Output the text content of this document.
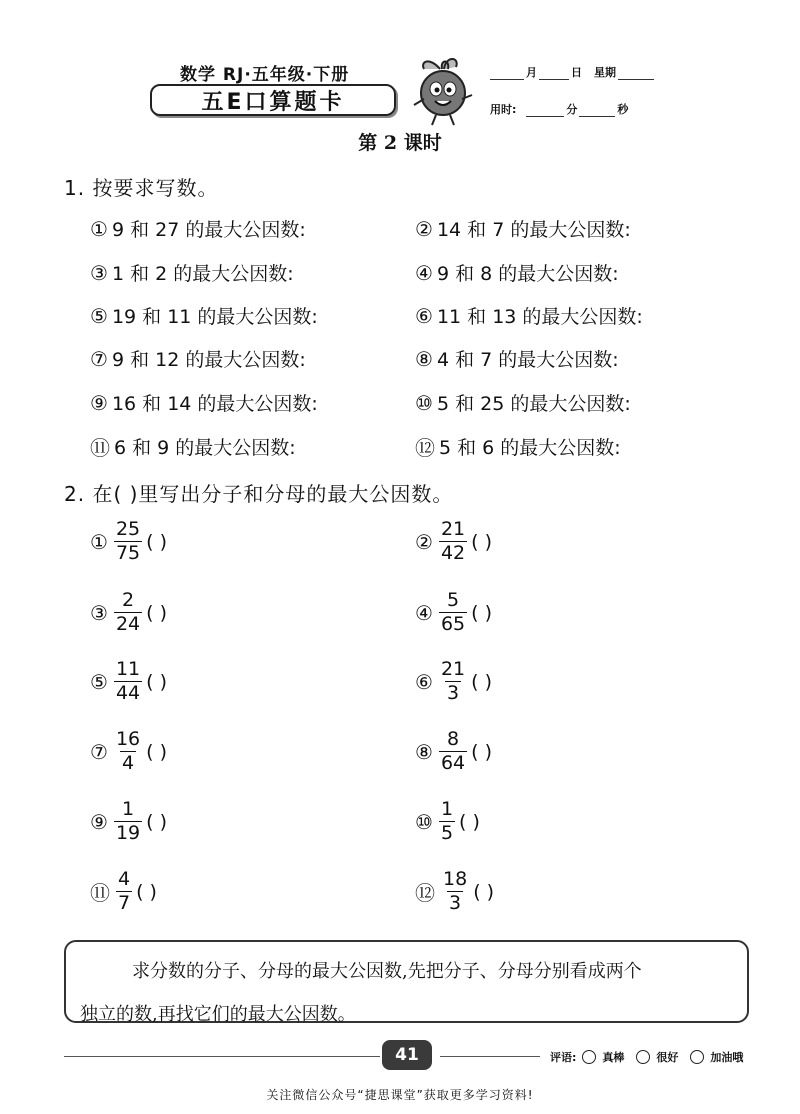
数学 RJ·五年级·下册
五E口算题卡
月	日 星期
用时:	分	秒
第 2 课时
1. 按要求写数。
① 9 和 27 的最大公因数:	② 14 和 7 的最大公因数:
③ 1 和 2 的最大公因数:	④ 9 和 8 的最大公因数:
⑤ 19 和 11 的最大公因数:	⑥ 11 和 13 的最大公因数:
⑦ 9 和 12 的最大公因数:	⑧ 4 和 7 的最大公因数:
⑨ 16 和 14 的最大公因数:	⑩ 5 和 25 的最大公因数:
⑪ 6 和 9 的最大公因数:	⑫ 5 和 6 的最大公因数:
2. 在( )里写出分子和分母的最大公因数。
① $\frac{25}{75}$ ( )	② $\frac{21}{42}$ ( )
③ $\frac{2}{24}$ ( )	④ $\frac{5}{65}$ ( )
⑤ $\frac{11}{44}$ ( )	⑥ $\frac{21}{3}$ ( )
⑦ $\frac{16}{4}$ ( )	⑧ $\frac{8}{64}$ ( )
⑨ $\frac{1}{19}$ ( )	⑩ $\frac{1}{5}$ ( )
⑪ $\frac{4}{7}$ ( )	⑫ $\frac{18}{3}$ ( )
求分数的分子、分母的最大公因数,先把分子、分母分别看成两个
独立的数,再找它们的最大公因数。
41	评语: 真棒	很好	加油哦
关注微信公众号“捷思课堂”获取更多学习资料!
